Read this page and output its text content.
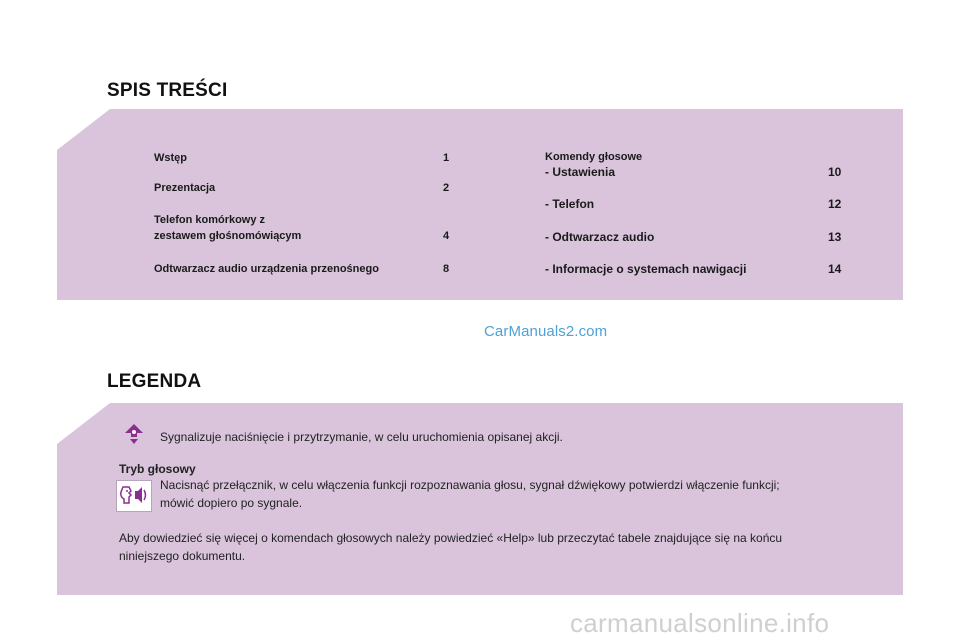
SPIS TREŚCI
Wstęp	1
Prezentacja	2
Telefon komórkowy z
zestawem głośnomówiącym	4
Odtwarzacz audio urządzenia przenośnego	8
Komendy głosowe
- Ustawienia	10
- Telefon	12
- Odtwarzacz audio	13
- Informacje o systemach nawigacji	14
CarManuals2.com
LEGENDA
Sygnalizuje naciśnięcie i przytrzymanie, w celu uruchomienia opisanej akcji.
Tryb głosowy
Nacisnąć przełącznik, w celu włączenia funkcji rozpoznawania głosu, sygnał dźwiękowy potwierdzi włączenie funkcji;
mówić dopiero po sygnale.
Aby dowiedzieć się więcej o komendach głosowych należy powiedzieć «Help» lub przeczytać tabele znajdujące się na końcu
niniejszego dokumentu.
carmanualsonline.info
